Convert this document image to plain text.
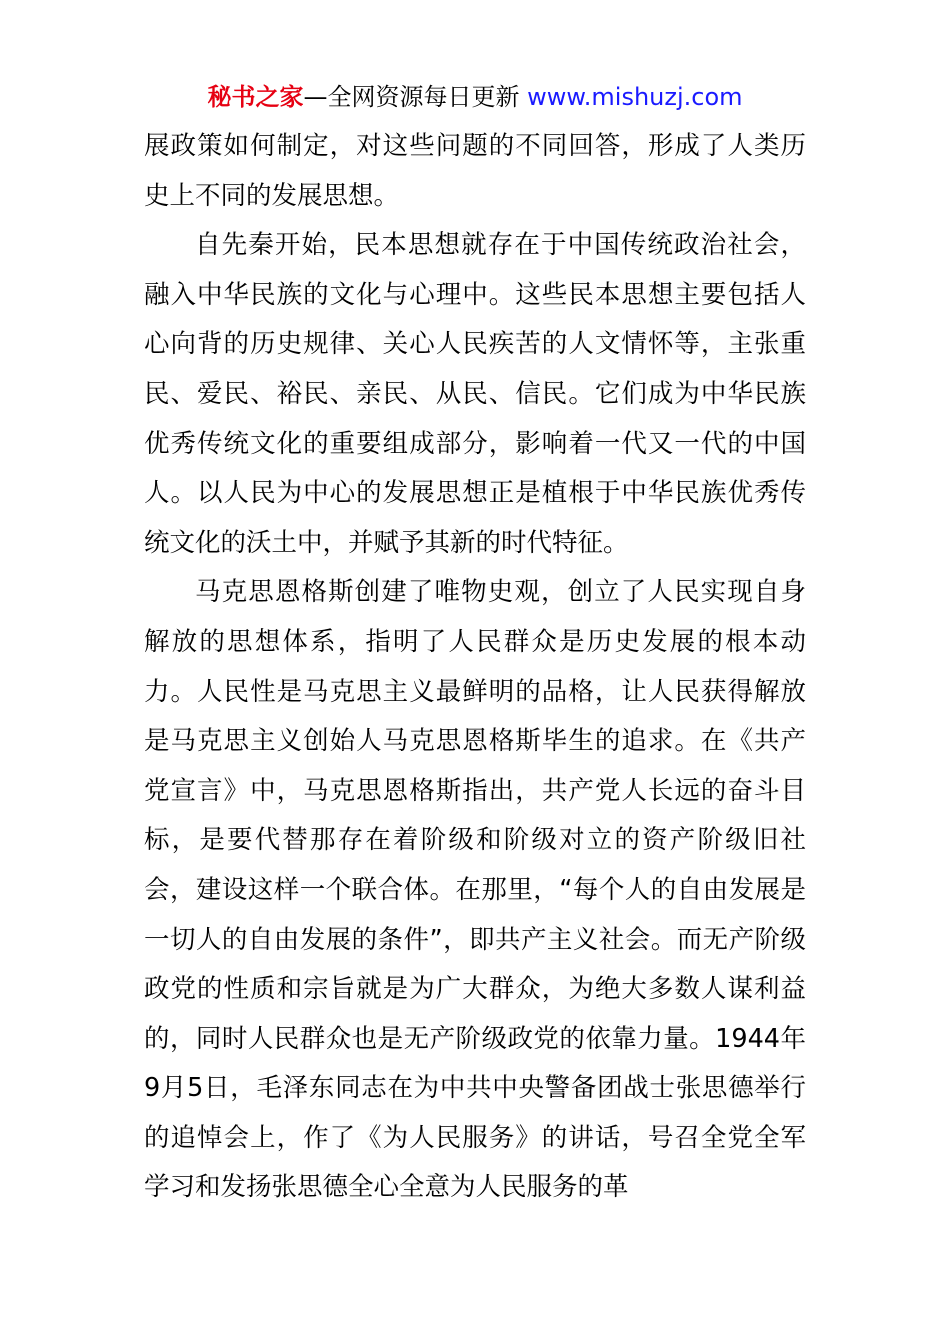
秘书之家—全网资源每日更新 www.mishuzj.com

展政策如何制定，对这些问题的不同回答，形成了人类历史上不同的发展思想。

自先秦开始，民本思想就存在于中国传统政治社会，融入中华民族的文化与心理中。这些民本思想主要包括人心向背的历史规律、关心人民疾苦的人文情怀等，主张重民、爱民、裕民、亲民、从民、信民。它们成为中华民族优秀传统文化的重要组成部分，影响着一代又一代的中国人。以人民为中心的发展思想正是植根于中华民族优秀传统文化的沃土中，并赋予其新的时代特征。

马克思恩格斯创建了唯物史观，创立了人民实现自身解放的思想体系，指明了人民群众是历史发展的根本动力。人民性是马克思主义最鲜明的品格，让人民获得解放是马克思主义创始人马克思恩格斯毕生的追求。在《共产党宣言》中，马克思恩格斯指出，共产党人长远的奋斗目标，是要代替那存在着阶级和阶级对立的资产阶级旧社会，建设这样一个联合体。在那里，“每个人的自由发展是一切人的自由发展的条件”，即共产主义社会。而无产阶级政党的性质和宗旨就是为广大群众，为绝大多数人谋利益的，同时人民群众也是无产阶级政党的依靠力量。1944年9月5日，毛泽东同志在为中共中央警备团战士张思德举行的追悼会上，作了《为人民服务》的讲话，号召全党全军学习和发扬张思德全心全意为人民服务的革
